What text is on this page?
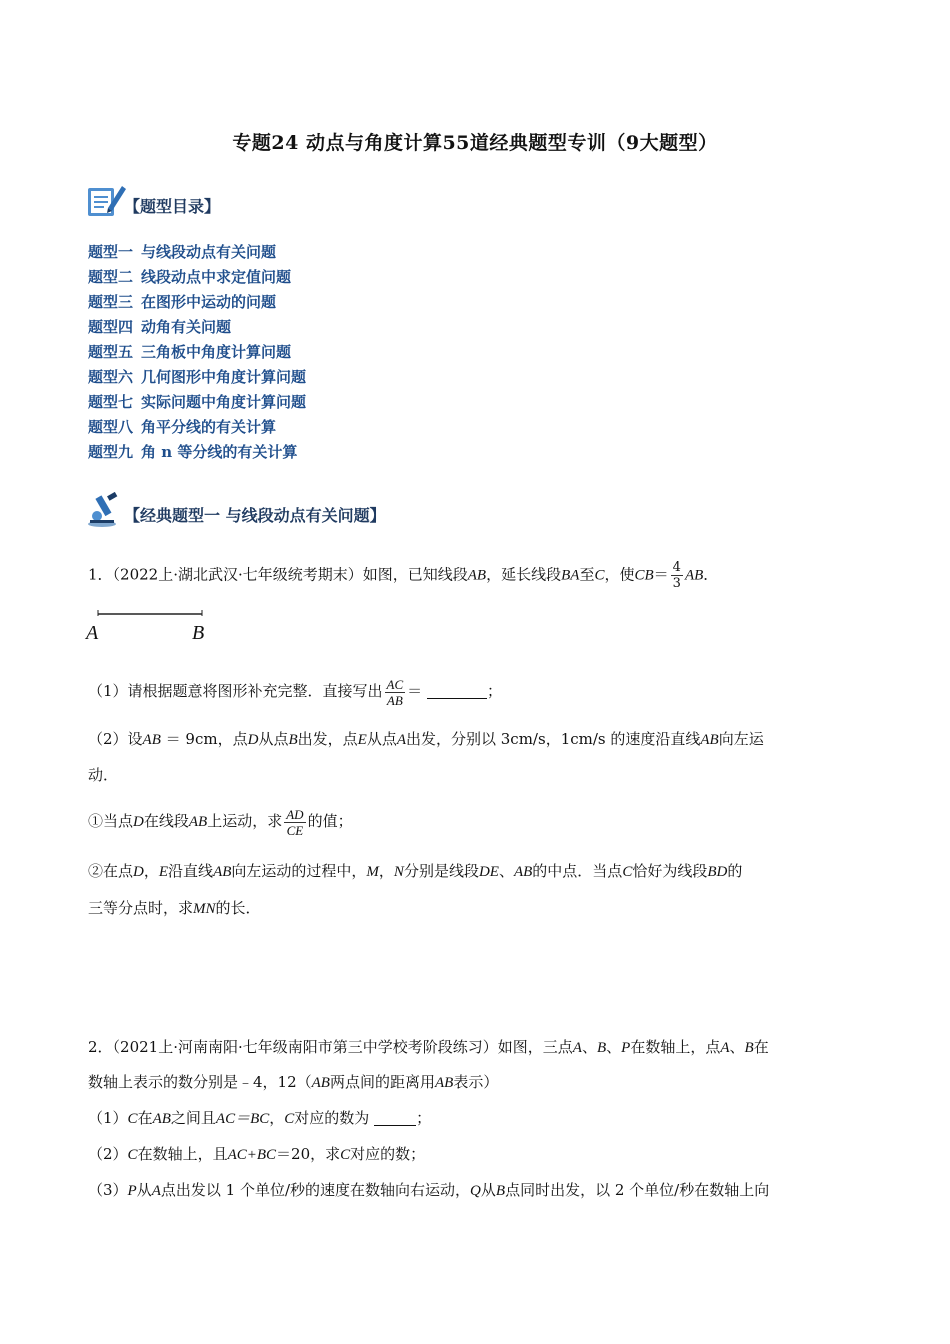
专题24 动点与角度计算55道经典题型专训（9大题型）
【题型目录】
题型一 与线段动点有关问题
题型二 线段动点中求定值问题
题型三 在图形中运动的问题
题型四 动角有关问题
题型五 三角板中角度计算问题
题型六 几何图形中角度计算问题
题型七 实际问题中角度计算问题
题型八 角平分线的有关计算
题型九 角 n 等分线的有关计算
【经典题型一 与线段动点有关问题】
1．（2022上·湖北武汉·七年级统考期末）如图，已知线段AB，延长线段BA至C，使$CB= \frac{4}{3}$ AB．
A	B
（1）请根据题意将图形补充完整．直接写出 $\frac{AC}{AB}$ ＝	；
（2）设AB ＝ 9cm，点D从点B出发，点E从点A出发，分别以 3cm/s，1cm/s 的速度沿直线AB向左运
动．
①当点D在线段AB上运动，求 $\frac{AD}{CE}$ 的值；
②在点D，E沿直线AB向左运动的过程中，M，N分别是线段DE、AB的中点．当点C恰好为线段BD的
三等分点时，求MN的长．
2．（2021上·河南南阳·七年级南阳市第三中学校考阶段练习）如图，三点A、B、P在数轴上，点A、B在
数轴上表示的数分别是﹣4，12（AB两点间的距离用AB表示）
（1）C在AB之间且AC＝BC，C对应的数为	；
（2）C在数轴上，且AC+BC＝20，求C对应的数；
（3）P从A点出发以 1 个单位/秒的速度在数轴向右运动，Q从B点同时出发，以 2 个单位/秒在数轴上向
